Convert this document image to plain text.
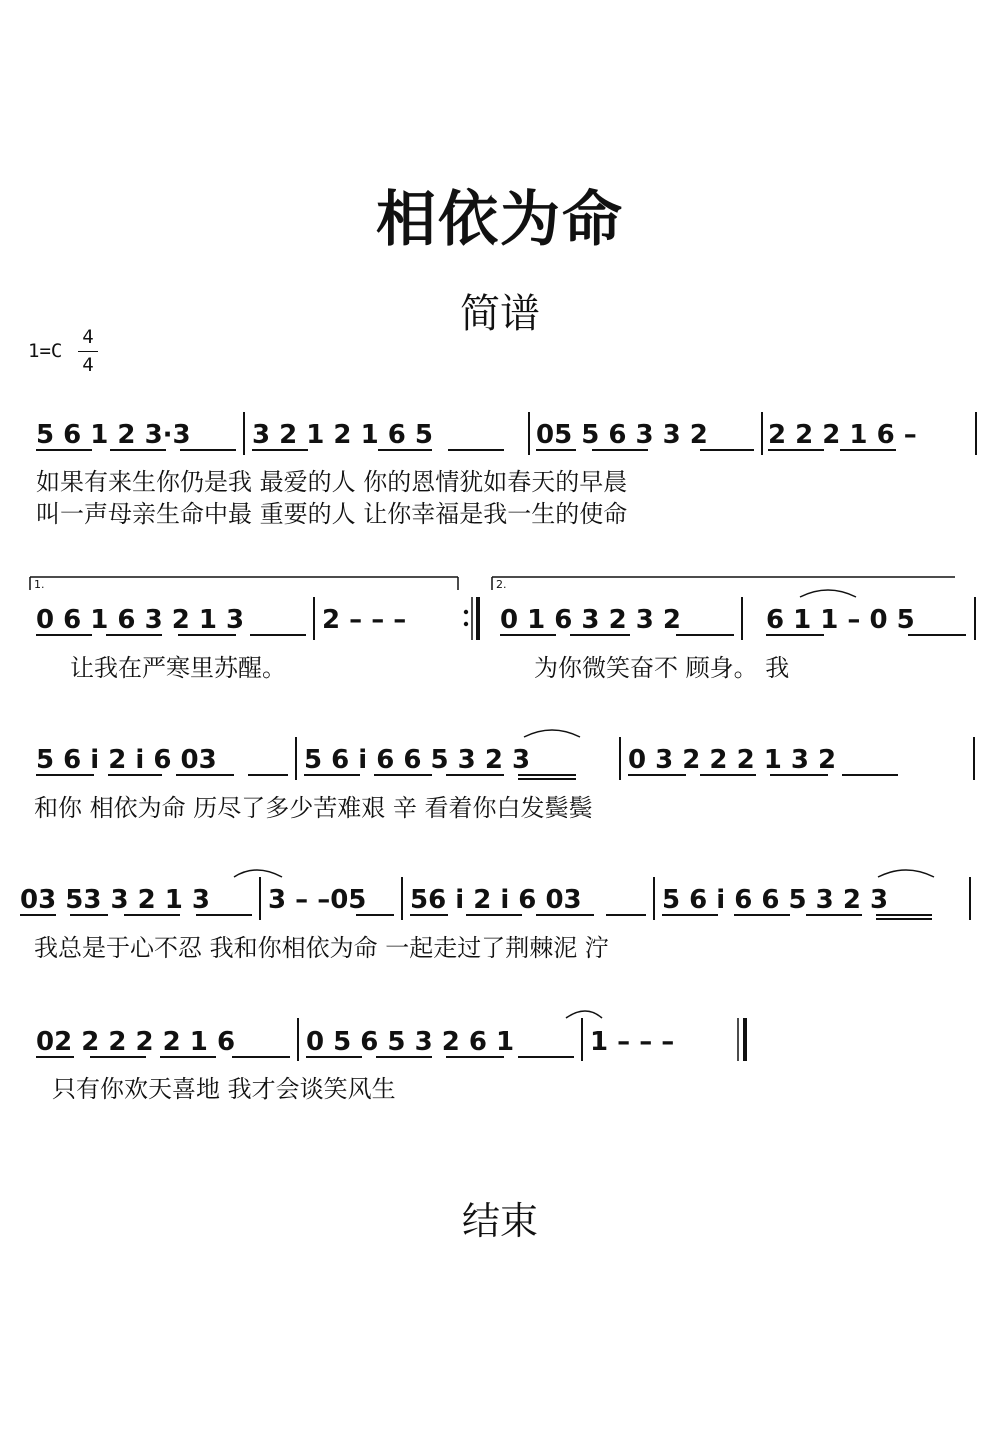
相依为命
简谱
1=C
4
4
5 6 1 2 3·3 3 2 1 2 1 6 5	05 5 6 3 3 2 2 2 2 1 6 –
如果有来生你仍是我 最爱的人 你的恩情犹如春天的早晨
叫一声母亲生命中最 重要的人 让你幸福是我一生的使命
1.	2.
0 6 1 6 3 2 1 3	2 – – –	0 1 6 3 2 3 2	6 1 1 – 0 5
让我在严寒里苏醒。	为你微笑奋不 顾身。 我
5 6 i 2 i 6 03	5 6 i 6 6 5 3 2 3	0 3 2 2 2 1 3 2
和你 相依为命 历尽了多少苦难艰 辛 看着你白发鬓鬓
03 53 3 2 1 3 3 – –05 56 i 2 i 6 03	5 6 i 6 6 5 3 2 3
我总是于心不忍 我和你相依为命 一起走过了荆棘泥 泞
02 2 2 2 2 1 6	0 5 6 5 3 2 6 1	1 – – –
只有你欢天喜地 我才会谈笑风生
结束
